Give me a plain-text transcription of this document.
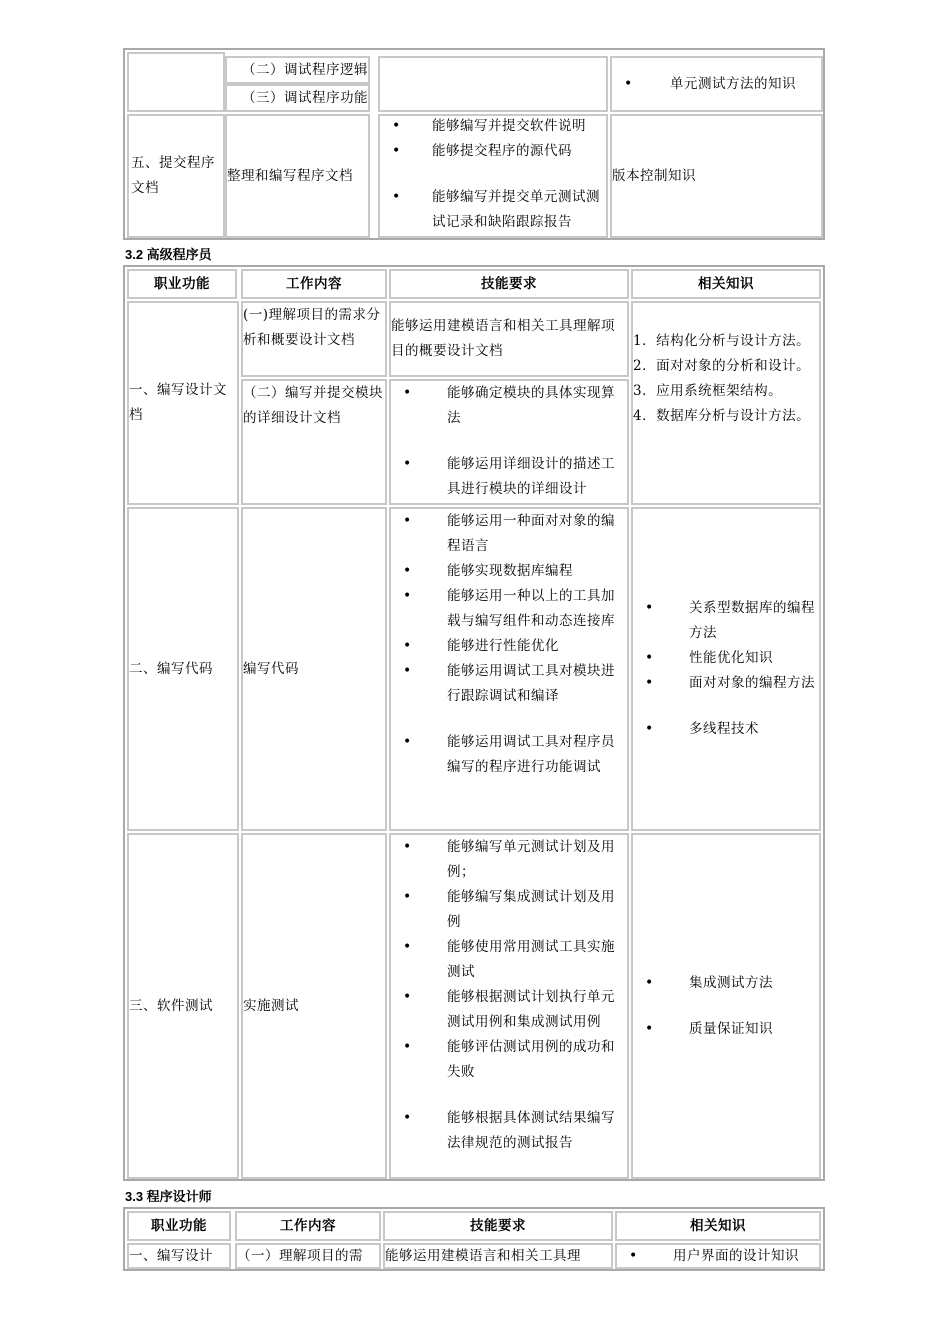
（二）调试程序逻辑
（三）调试程序功能
• 单元测试方法的知识
五、提交程序文档
整理和编写程序文档
• 能够编写并提交软件说明
• 能够提交程序的源代码
• 能够编写并提交单元测试测试记录和缺陷跟踪报告
版本控制知识
3.2 高级程序员
职业功能	工作内容	技能要求	相关知识
一、编写设计文档
(一)理解项目的需求分析和概要设计文档
能够运用建模语言和相关工具理解项目的概要设计文档
（二）编写并提交模块的详细设计文档
• 能够确定模块的具体实现算法
• 能够运用详细设计的描述工具进行模块的详细设计
1．结构化分析与设计方法。
2．面对对象的分析和设计。
3．应用系统框架结构。
4．数据库分析与设计方法。
二、编写代码 编写代码
• 能够运用一种面对对象的编程语言
• 能够实现数据库编程
• 能够运用一种以上的工具加载与编写组件和动态连接库
• 能够进行性能优化
• 能够运用调试工具对模块进行跟踪调试和编译
• 能够运用调试工具对程序员编写的程序进行功能调试
• 关系型数据库的编程方法
• 性能优化知识
• 面对对象的编程方法
• 多线程技术
三、软件测试 实施测试
• 能够编写单元测试计划及用例；
• 能够编写集成测试计划及用例
• 能够使用常用测试工具实施测试
• 能够根据测试计划执行单元测试用例和集成测试用例
• 能够评估测试用例的成功和失败
• 能够根据具体测试结果编写法律规范的测试报告
• 集成测试方法
• 质量保证知识
3.3 程序设计师
职业功能	工作内容	技能要求	相关知识
一、编写设计 （一）理解项目的需 能够运用建模语言和相关工具理
•	用户界面的设计知识
